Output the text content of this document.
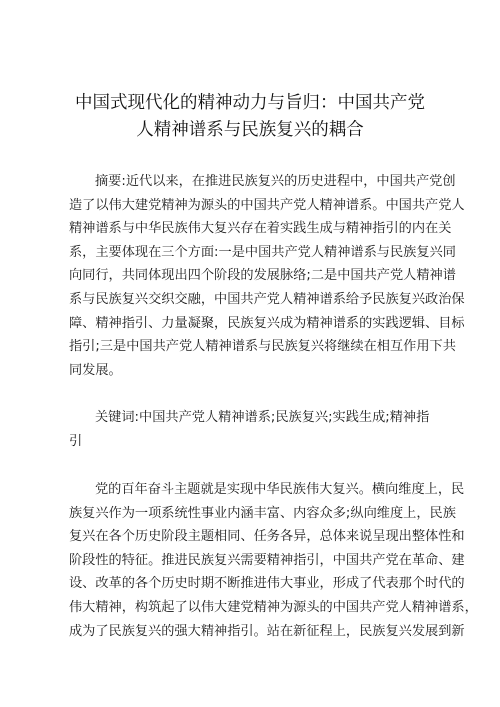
中国式现代化的精神动力与旨归：中国共产党
人精神谱系与民族复兴的耦合
摘要:近代以来，在推进民族复兴的历史进程中，中国共产党创
造了以伟大建党精神为源头的中国共产党人精神谱系。中国共产党人
精神谱系与中华民族伟大复兴存在着实践生成与精神指引的内在关
系，主要体现在三个方面:一是中国共产党人精神谱系与民族复兴同
向同行，共同体现出四个阶段的发展脉络;二是中国共产党人精神谱
系与民族复兴交织交融，中国共产党人精神谱系给予民族复兴政治保
障、精神指引、力量凝聚，民族复兴成为精神谱系的实践逻辑、目标
指引;三是中国共产党人精神谱系与民族复兴将继续在相互作用下共
同发展。
关键词:中国共产党人精神谱系;民族复兴;实践生成;精神指
引
党的百年奋斗主题就是实现中华民族伟大复兴。横向维度上，民
族复兴作为一项系统性事业内涵丰富、内容众多;纵向维度上，民族
复兴在各个历史阶段主题相同、任务各异，总体来说呈现出整体性和
阶段性的特征。推进民族复兴需要精神指引，中国共产党在革命、建
设、改革的各个历史时期不断推进伟大事业，形成了代表那个时代的
伟大精神，构筑起了以伟大建党精神为源头的中国共产党人精神谱系，
成为了民族复兴的强大精神指引。站在新征程上，民族复兴发展到新
